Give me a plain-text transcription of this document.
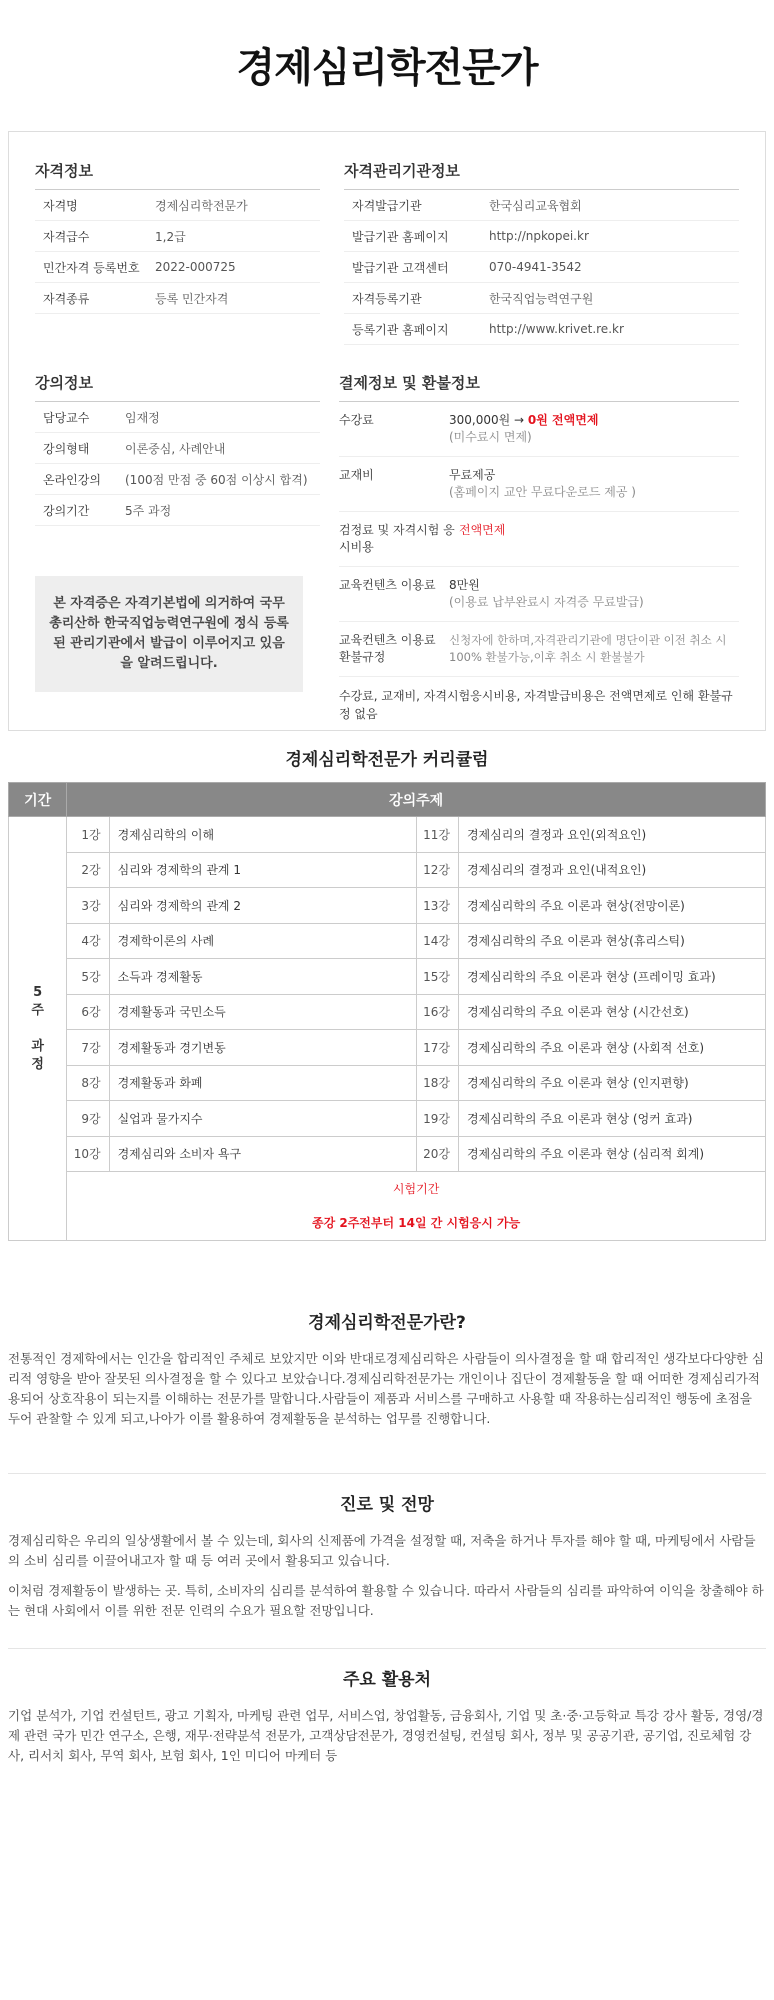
경제심리학전문가
자격정보
자격명	경제심리학전문가
자격급수	1,2급
민간자격 등록번호	2022-000725
자격종류	등록 민간자격
자격관리기관정보
자격발급기관	한국심리교육협회
발급기관 홈페이지	http://npkopei.kr
발급기관 고객센터	070-4941-3542
자격등록기관	한국직업능력연구원
등록기관 홈페이지	http://www.krivet.re.kr
강의정보
담당교수	임재정
강의형태	이론중심, 사례안내
온라인강의	(100점 만점 중 60점 이상시 합격)
강의기간	5주 과정
본 자격증은 자격기본법에 의거하여 국무총리산하 한국직업능력연구원에 정식 등록된 관리기관에서 발급이 이루어지고 있음을 알려드립니다.
결제정보 및 환불정보
수강료	300,000원 → 0원 전액면제
(미수료시 면제)
교재비	무료제공
(홈페이지 교안 무료다운로드 제공 )
검정료 및 자격시험 응시비용
전액면제
교육컨텐츠 이용료	8만원
(이용료 납부완료시 자격증 무료발급)
교육컨텐츠 이용료 환불규정
신청자에 한하며,자격관리기관에 명단이관 이전 취소 시 100% 환불가능,이후 취소 시 환불불가
수강료, 교재비, 자격시험응시비용, 자격발급비용은 전액면제로 인해 환불규정 없음
경제심리학전문가 커리큘럼
기간	강의주제			
5
주

과
정	1강	경제심리학의 이해	11강	경제심리의 결정과 요인(외적요인)
	2강	심리와 경제학의 관계 1	12강	경제심리의 결정과 요인(내적요인)
	3강	심리와 경제학의 관계 2	13강	경제심리학의 주요 이론과 현상(전망이론)
	4강	경제학이론의 사례	14강	경제심리학의 주요 이론과 현상(휴리스틱)
	5강	소득과 경제활동	15강	경제심리학의 주요 이론과 현상 (프레이밍 효과)
	6강	경제활동과 국민소득	16강	경제심리학의 주요 이론과 현상 (시간선호)
	7강	경제활동과 경기변동	17강	경제심리학의 주요 이론과 현상 (사회적 선호)
	8강	경제활동과 화폐	18강	경제심리학의 주요 이론과 현상 (인지편향)
	9강	실업과 물가지수	19강	경제심리학의 주요 이론과 현상 (엉커 효과)
	10강	경제심리와 소비자 욕구	20강	경제심리학의 주요 이론과 현상 (심리적 회계)

	시험기간
종강 2주전부터 14일 간 시험응시 가능			
경제심리학전문가란?

전통적인 경제학에서는 인간을 합리적인 주체로 보았지만 이와 반대로경제심리학은 사람들이 의사결정을 할 때 합리적인 생각보다다양한 심리적 영향을 받아 잘못된 의사결정을 할 수 있다고 보았습니다.경제심리학전문가는 개인이나 집단이 경제활동을 할 때 어떠한 경제심리가적용되어 상호작용이 되는지를 이해하는 전문가를 말합니다.사람들이 제품과 서비스를 구매하고 사용할 때 작용하는심리적인 행동에 초점을 두어 관찰할 수 있게 되고,나아가 이를 활용하여 경제활동을 분석하는 업무를 진행합니다.

진로 및 전망

경제심리학은 우리의 일상생활에서 볼 수 있는데, 회사의 신제품에 가격을 설정할 때, 저축을 하거나 투자를 해야 할 때, 마케팅에서 사람들의 소비 심리를 이끌어내고자 할 때 등 여러 곳에서 활용되고 있습니다.

이처럼 경제활동이 발생하는 곳. 특히, 소비자의 심리를 분석하여 활용할 수 있습니다. 따라서 사람들의 심리를 파악하여 이익을 창출해야 하는 현대 사회에서 이를 위한 전문 인력의 수요가 필요할 전망입니다.

주요 활용처

기업 분석가, 기업 컨설턴트, 광고 기획자, 마케팅 관련 업무, 서비스업, 창업활동, 금융회사, 기업 및 초·중·고등학교 특강 강사 활동, 경영/경제 관련 국가 민간 연구소, 은행, 재무·전략분석 전문가, 고객상담전문가, 경영컨설팅, 컨설팅 회사, 정부 및 공공기관, 공기업, 진로체험 강사, 리서치 회사, 무역 회사, 보험 회사, 1인 미디어 마케터 등
